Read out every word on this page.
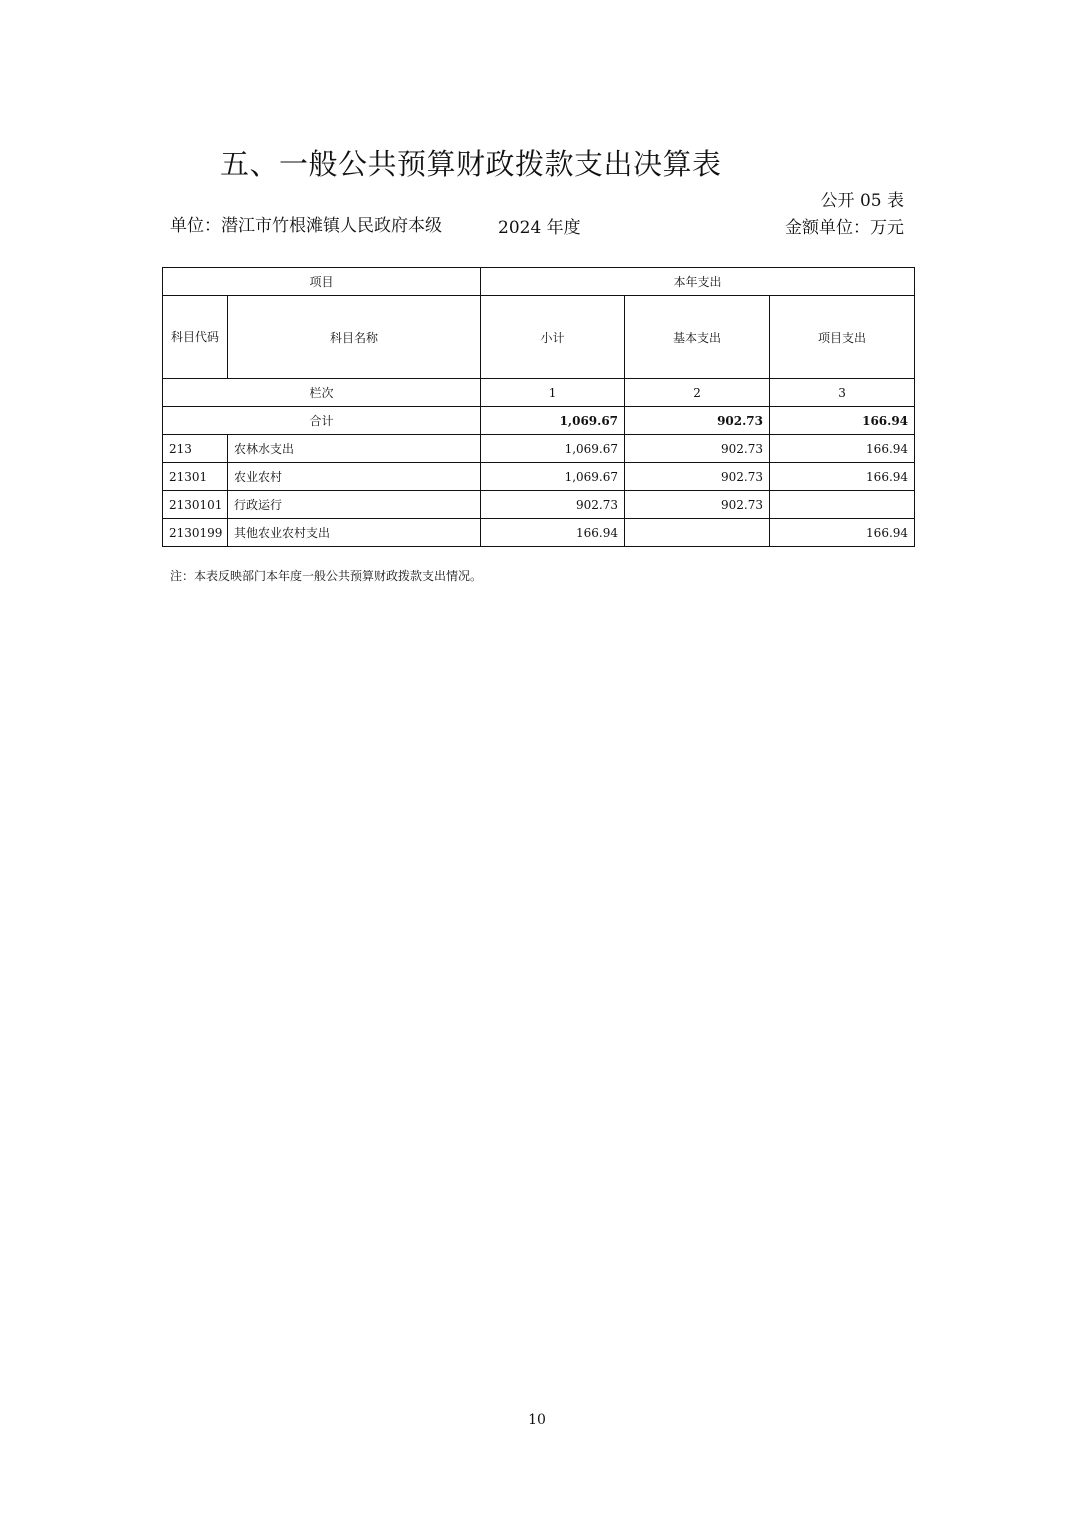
五、一般公共预算财政拨款支出决算表
公开 05 表
单位：潜江市竹根滩镇人民政府本级	2024 年度	金额单位：万元
项目		本年支出		
科目代码	科目名称	小计	基本支出	项目支出
栏次		1	2	3
合计		1,069.67	902.73	166.94
213	农林水支出	1,069.67	902.73	166.94
21301	农业农村	1,069.67	902.73	166.94
2130101	行政运行	902.73	902.73	
2130199	其他农业农村支出	166.94		166.94
注：本表反映部门本年度一般公共预算财政拨款支出情况。
10
